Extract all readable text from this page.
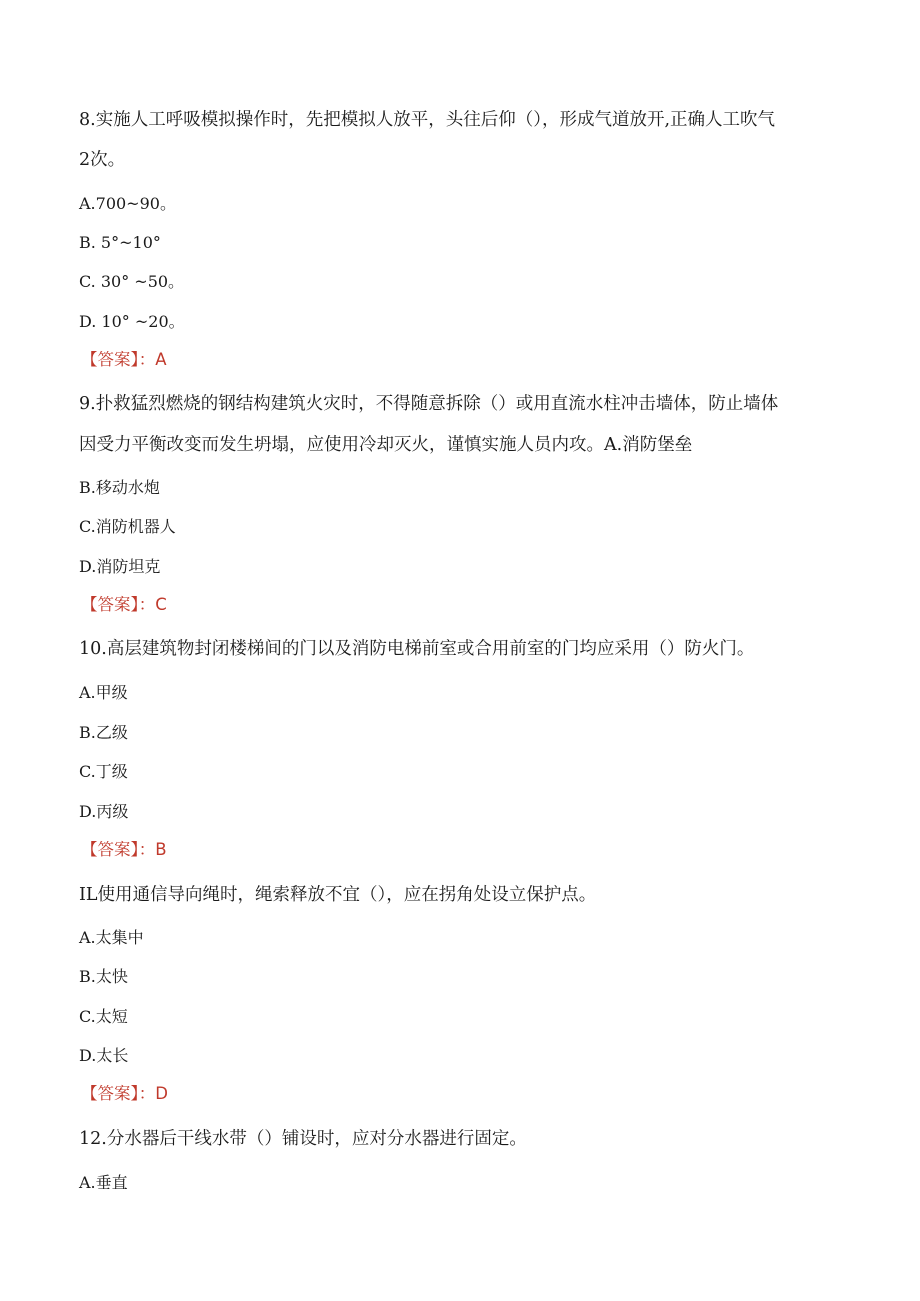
8.实施人工呼吸模拟操作时，先把模拟人放平，头往后仰（），形成气道放开,正确人工吹气
2次。
A.700~90。
B. 5°~10°
C. 30° ~50。
D. 10° ~20。
【答案】：A
9.扑救猛烈燃烧的钢结构建筑火灾时，不得随意拆除（）或用直流水柱冲击墙体，防止墙体
因受力平衡改变而发生坍塌，应使用冷却灭火，谨慎实施人员内攻。A.消防堡垒
B.移动水炮
C.消防机器人
D.消防坦克
【答案】：C
10.高层建筑物封闭楼梯间的门以及消防电梯前室或合用前室的门均应采用（）防火门。
A.甲级
B.乙级
C.丁级
D.丙级
【答案】：B
IL使用通信导向绳时，绳索释放不宜（），应在拐角处设立保护点。
A.太集中
B.太快
C.太短
D.太长
【答案】：D
12.分水器后干线水带（）铺设时，应对分水器进行固定。
A.垂直
